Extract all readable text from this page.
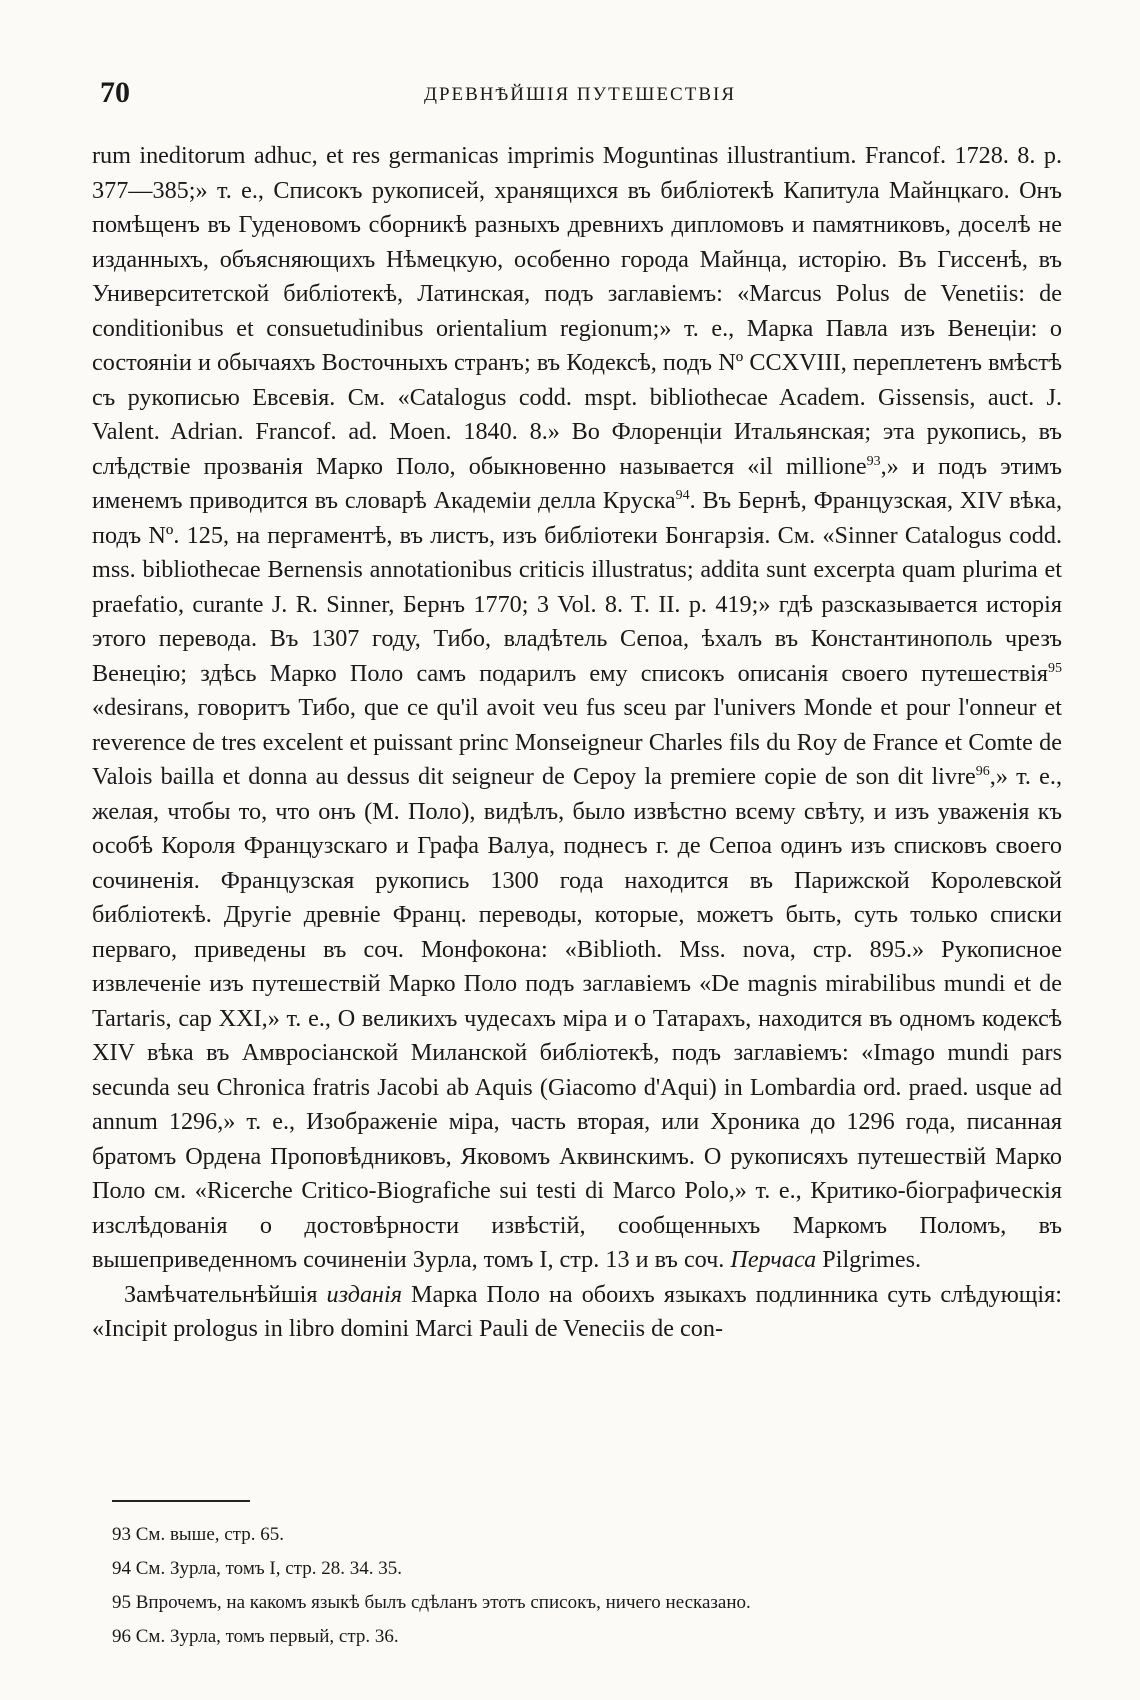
70	ДРЕВНѢЙШІЯ ПУТЕШЕСТВІЯ

rum ineditorum adhuc, et res germanicas imprimis Moguntinas illustrantium. Francof. 1728. 8. p. 377—385;» т. е., Списокъ рукописей, хранящихся въ библіотекѣ Капитула Майнцкаго. Онъ помѣщенъ въ Гуденовомъ сборникѣ разныхъ древнихъ дипломовъ и памятниковъ, доселѣ не изданныхъ, объясняющихъ Нѣмецкую, особенно города Майнца, исторію. Въ Гиссенѣ, въ Университетской библіотекѣ, Латинская, подъ заглавіемъ: «Marcus Polus de Venetiis: de conditionibus et consuetudinibus orientalium regionum;» т. е., Марка Павла изъ Венеціи: о состояніи и обычаяхъ Восточныхъ странъ; въ Кодексѣ, подъ Nº CCXVIII, переплетенъ вмѣстѣ съ рукописью Евсевія. См. «Catalogus codd. mspt. bibliothecae Academ. Gissensis, auct. J. Valent. Adrian. Francof. ad. Moen. 1840. 8.» Во Флоренціи Итальянская; эта рукопись, въ слѣдствіе прозванія Марко Поло, обыкновенно называется «il millione$^{93}$,» и подъ этимъ именемъ приводится въ словарѣ Академіи делла Круска$^{94}$. Въ Бернѣ, Французская, XIV вѣка, подъ Nº. 125, на пергаментѣ, въ листъ, изъ библіотеки Бонгарзія. См. «Sinner Catalogus codd. mss. bibliothecae Bernensis annotationibus criticis illustratus; addita sunt excerpta quam plurima et praefatio, curante J. R. Sinner, Бернъ 1770; 3 Vol. 8. T. II. p. 419;» гдѣ разсказывается исторія этого перевода. Въ 1307 году, Тибо, владѣтель Сепоа, ѣхалъ въ Константинополь чрезъ Венецію; здѣсь Марко Поло самъ подарилъ ему списокъ описанія своего путешествія$^{95}$ «desirans, говоритъ Тибо, que ce qu'il avoit veu fus sceu par l'univers Monde et pour l'onneur et reverence de tres excelent et puissant princ Monseigneur Charles fils du Roy de France et Comte de Valois bailla et donna au dessus dit seigneur de Cepoy la premiere copie de son dit livre$^{96}$,» т. е., желая, чтобы то, что онъ (М. Поло), видѣлъ, было извѣстно всему свѣту, и изъ уваженія къ особѣ Короля Французскаго и Графа Валуа, поднесъ г. де Сепоа одинъ изъ списковъ своего сочиненія. Французская рукопись 1300 года находится въ Парижской Королевской библіотекѣ. Другіе древніе Франц. переводы, которые, можетъ быть, суть только списки перваго, приведены въ соч. Монфокона: «Biblioth. Mss. nova, стр. 895.» Рукописное извлеченіе изъ путешествій Марко Поло подъ заглавіемъ «De magnis mirabilibus mundi et de Tartaris, cap XXI,» т. е., О великихъ чудесахъ міра и о Татарахъ, находится въ одномъ кодексѣ XIV вѣка въ Амвросіанской Миланской библіотекѣ, подъ заглавіемъ: «Imago mundi pars secunda seu Chronica fratris Jacobi ab Aquis (Giacomo d'Aqui) in Lombardia ord. praed. usque ad annum 1296,» т. е., Изображеніе міра, часть вторая, или Хроника до 1296 года, писанная братомъ Ордена Проповѣдниковъ, Яковомъ Аквинскимъ. О рукописяхъ путешествій Марко Поло см. «Ricerche Critico-Biografiche sui testi di Marco Polo,» т. е., Критико-біографическія изслѣдованія о достовѣрности извѣстій, сообщенныхъ Маркомъ Поломъ, въ вышеприведенномъ сочиненіи Зурла, томъ I, стр. 13 и въ соч. Перчаса Pilgrimes.

Замѣчательнѣйшія изданія Марка Поло на обоихъ языкахъ подлинника суть слѣдующія: «Incipit prologus in libro domini Marci Pauli de Veneciis de con-

93 См. выше, стр. 65.
94 См. Зурла, томъ I, стр. 28. 34. 35.
95 Впрочемъ, на какомъ языкѣ былъ сдѣланъ этотъ списокъ, ничего несказано.
96 См. Зурла, томъ первый, стр. 36.
